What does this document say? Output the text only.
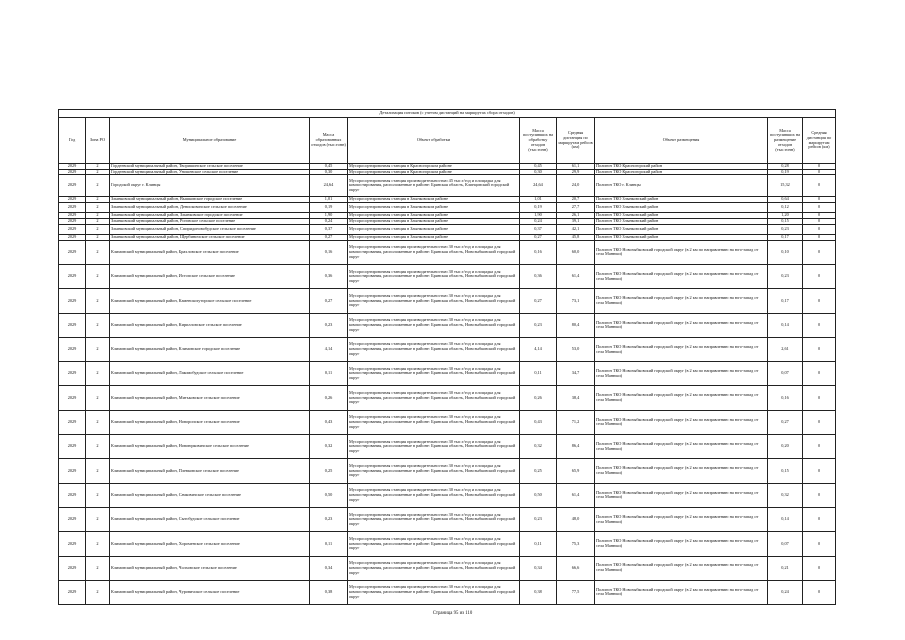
Детализация потоков (с учетом дистанций на маршрутах сбора отходов)									
Год	Зона РО	Муниципальное образование	Масса образованных отходов (тыс.тонн)	Объект обработки	Масса поступивших на обработку отходов (тыс.тонн)	Средняя дистанция по маршрутам рейсов (км)	Объект размещения	Масса поступивших на размещение отходов (тыс.тонн)	Средняя дистанция по маршрутам рейсов (км)
2029	2	Гордеевский муниципальный район, Творишинское сельское поселение	0,45	Мусоросортировочная станция в Красногорском районе	0,45	61,1	Полигон ТКО Красногорский район	0,28	0
2029	2	Гордеевский муниципальный район, Уношевское сельское поселение	0,30	Мусоросортировочная станция в Красногорском районе	0,30	29,9	Полигон ТКО Красногорский район	0,19	0
2029	2	Городской округ г. Клинцы	24,64	Мусоросортировочная станция производительностью 45 тыс.т/год и площадка для компостирования, расположенные в районе: Брянская область, Клинцовский городской округ	24,64	24,0	Полигон ТКО г. Клинцы	15,32	0
2029	2	Злынковский муниципальный район, Вышковское городское поселение	1,01	Мусоросортировочная станция в Злынковском районе	1,01	20,7	Полигон ТКО Злынковский район	0,64	0
2029	2	Злынковский муниципальный район, Денисковичское сельское поселение	0,19	Мусоросортировочная станция в Злынковском районе	0,19	27,7	Полигон ТКО Злынковский район	0,12	0
2029	2	Злынковский муниципальный район, Злынковское городское поселение	1,90	Мусоросортировочная станция в Злынковском районе	1,90	26,1	Полигон ТКО Злынковский район	1,20	0
2029	2	Злынковский муниципальный район, Роговское сельское поселение	0,24	Мусоросортировочная станция в Злынковском районе	0,24	39,1	Полигон ТКО Злынковский район	0,15	0
2029	2	Злынковский муниципальный район, Спиридоновобудское сельское поселение	0,37	Мусоросортировочная станция в Злынковском районе	0,37	42,1	Полигон ТКО Злынковский район	0,23	0
2029	2	Злынковский муниципальный район, Щербиничское сельское поселение	0,27	Мусоросортировочная станция в Злынковском районе	0,27	45,8	Полигон ТКО Злынковский район	0,17	0
2029	2	Климовский муниципальный район, Брахловское сельское поселение	0,16	Мусоросортировочная станция производительностью 30 тыс.т/год и площадка для компостирования, расположенные в районе: Брянская область, Новозыбковский городской округ	0,16	60,0	Полигон ТКО Новозыбковский городской округ (в 2 км по направлению на юго-запад от села Манюки)	0,10	0
2029	2	Климовский муниципальный район, Истопское сельское поселение	0,36	Мусоросортировочная станция производительностью 30 тыс.т/год и площадка для компостирования, расположенные в районе: Брянская область, Новозыбковский городской округ	0,36	61,4	Полигон ТКО Новозыбковский городской округ (в 2 км по направлению на юго-запад от села Манюки)	0,23	0
2029	2	Климовский муниципальный район, Каменскохуторское сельское поселение	0,27	Мусоросортировочная станция производительностью 30 тыс.т/год и площадка для компостирования, расположенные в районе: Брянская область, Новозыбковский городской округ	0,27	73,1	Полигон ТКО Новозыбковский городской округ (в 2 км по направлению на юго-запад от села Манюки)	0,17	0
2029	2	Климовский муниципальный район, Кирилловское сельское поселение	0,23	Мусоросортировочная станция производительностью 30 тыс.т/год и площадка для компостирования, расположенные в районе: Брянская область, Новозыбковский городской округ	0,23	80,4	Полигон ТКО Новозыбковский городской округ (в 2 км по направлению на юго-запад от села Манюки)	0,14	0
2029	2	Климовский муниципальный район, Климовское городское поселение	4,14	Мусоросортировочная станция производительностью 30 тыс.т/год и площадка для компостирования, расположенные в районе: Брянская область, Новозыбковский городской округ	4,14	53,0	Полигон ТКО Новозыбковский городской округ (в 2 км по направлению на юго-запад от села Манюки)	2,61	0
2029	2	Климовский муниципальный район, Лакомобудское сельское поселение	0,11	Мусоросортировочная станция производительностью 30 тыс.т/год и площадка для компостирования, расположенные в районе: Брянская область, Новозыбковский городской округ	0,11	34,7	Полигон ТКО Новозыбковский городской округ (в 2 км по направлению на юго-запад от села Манюки)	0,07	0
2029	2	Климовский муниципальный район, Митьковское сельское поселение	0,26	Мусоросортировочная станция производительностью 30 тыс.т/год и площадка для компостирования, расположенные в районе: Брянская область, Новозыбковский городской округ	0,26	38,4	Полигон ТКО Новозыбковский городской округ (в 2 км по направлению на юго-запад от села Манюки)	0,16	0
2029	2	Климовский муниципальный район, Новоропское сельское поселение	0,43	Мусоросортировочная станция производительностью 30 тыс.т/год и площадка для компостирования, расположенные в районе: Брянская область, Новозыбковский городской округ	0,43	71,2	Полигон ТКО Новозыбковский городской округ (в 2 км по направлению на юго-запад от села Манюки)	0,27	0
2029	2	Климовский муниципальный район, Новоюрковичское сельское поселение	0,32	Мусоросортировочная станция производительностью 30 тыс.т/год и площадка для компостирования, расположенные в районе: Брянская область, Новозыбковский городской округ	0,32	86,4	Полигон ТКО Новозыбковский городской округ (в 2 км по направлению на юго-запад от села Манюки)	0,20	0
2029	2	Климовский муниципальный район, Плевковское сельское поселение	0,25	Мусоросортировочная станция производительностью 30 тыс.т/год и площадка для компостирования, расположенные в районе: Брянская область, Новозыбковский городской округ	0,25	65,9	Полигон ТКО Новозыбковский городской округ (в 2 км по направлению на юго-запад от села Манюки)	0,15	0
2029	2	Климовский муниципальный район, Сачковичское сельское поселение	0,50	Мусоросортировочная станция производительностью 30 тыс.т/год и площадка для компостирования, расположенные в районе: Брянская область, Новозыбковский городской округ	0,50	61,4	Полигон ТКО Новозыбковский городской округ (в 2 км по направлению на юго-запад от села Манюки)	0,32	0
2029	2	Климовский муниципальный район, Сытобудское сельское поселение	0,23	Мусоросортировочная станция производительностью 30 тыс.т/год и площадка для компостирования, расположенные в районе: Брянская область, Новозыбковский городской округ	0,23	48,0	Полигон ТКО Новозыбковский городской округ (в 2 км по направлению на юго-запад от села Манюки)	0,14	0
2029	2	Климовский муниципальный район, Хороменское сельское поселение	0,11	Мусоросортировочная станция производительностью 30 тыс.т/год и площадка для компостирования, расположенные в районе: Брянская область, Новозыбковский городской округ	0,11	75,3	Полигон ТКО Новозыбковский городской округ (в 2 км по направлению на юго-запад от села Манюки)	0,07	0
2029	2	Климовский муниципальный район, Чолховское сельское поселение	0,34	Мусоросортировочная станция производительностью 30 тыс.т/год и площадка для компостирования, расположенные в районе: Брянская область, Новозыбковский городской округ	0,34	66,6	Полигон ТКО Новозыбковский городской округ (в 2 км по направлению на юго-запад от села Манюки)	0,21	0
2029	2	Климовский муниципальный район, Чуровичское сельское поселение	0,38	Мусоросортировочная станция производительностью 30 тыс.т/год и площадка для компостирования, расположенные в районе: Брянская область, Новозыбковский городской округ	0,38	77,5	Полигон ТКО Новозыбковский городской округ (в 2 км по направлению на юго-запад от села Манюки)	0,24	0
Страница 95 из 110
